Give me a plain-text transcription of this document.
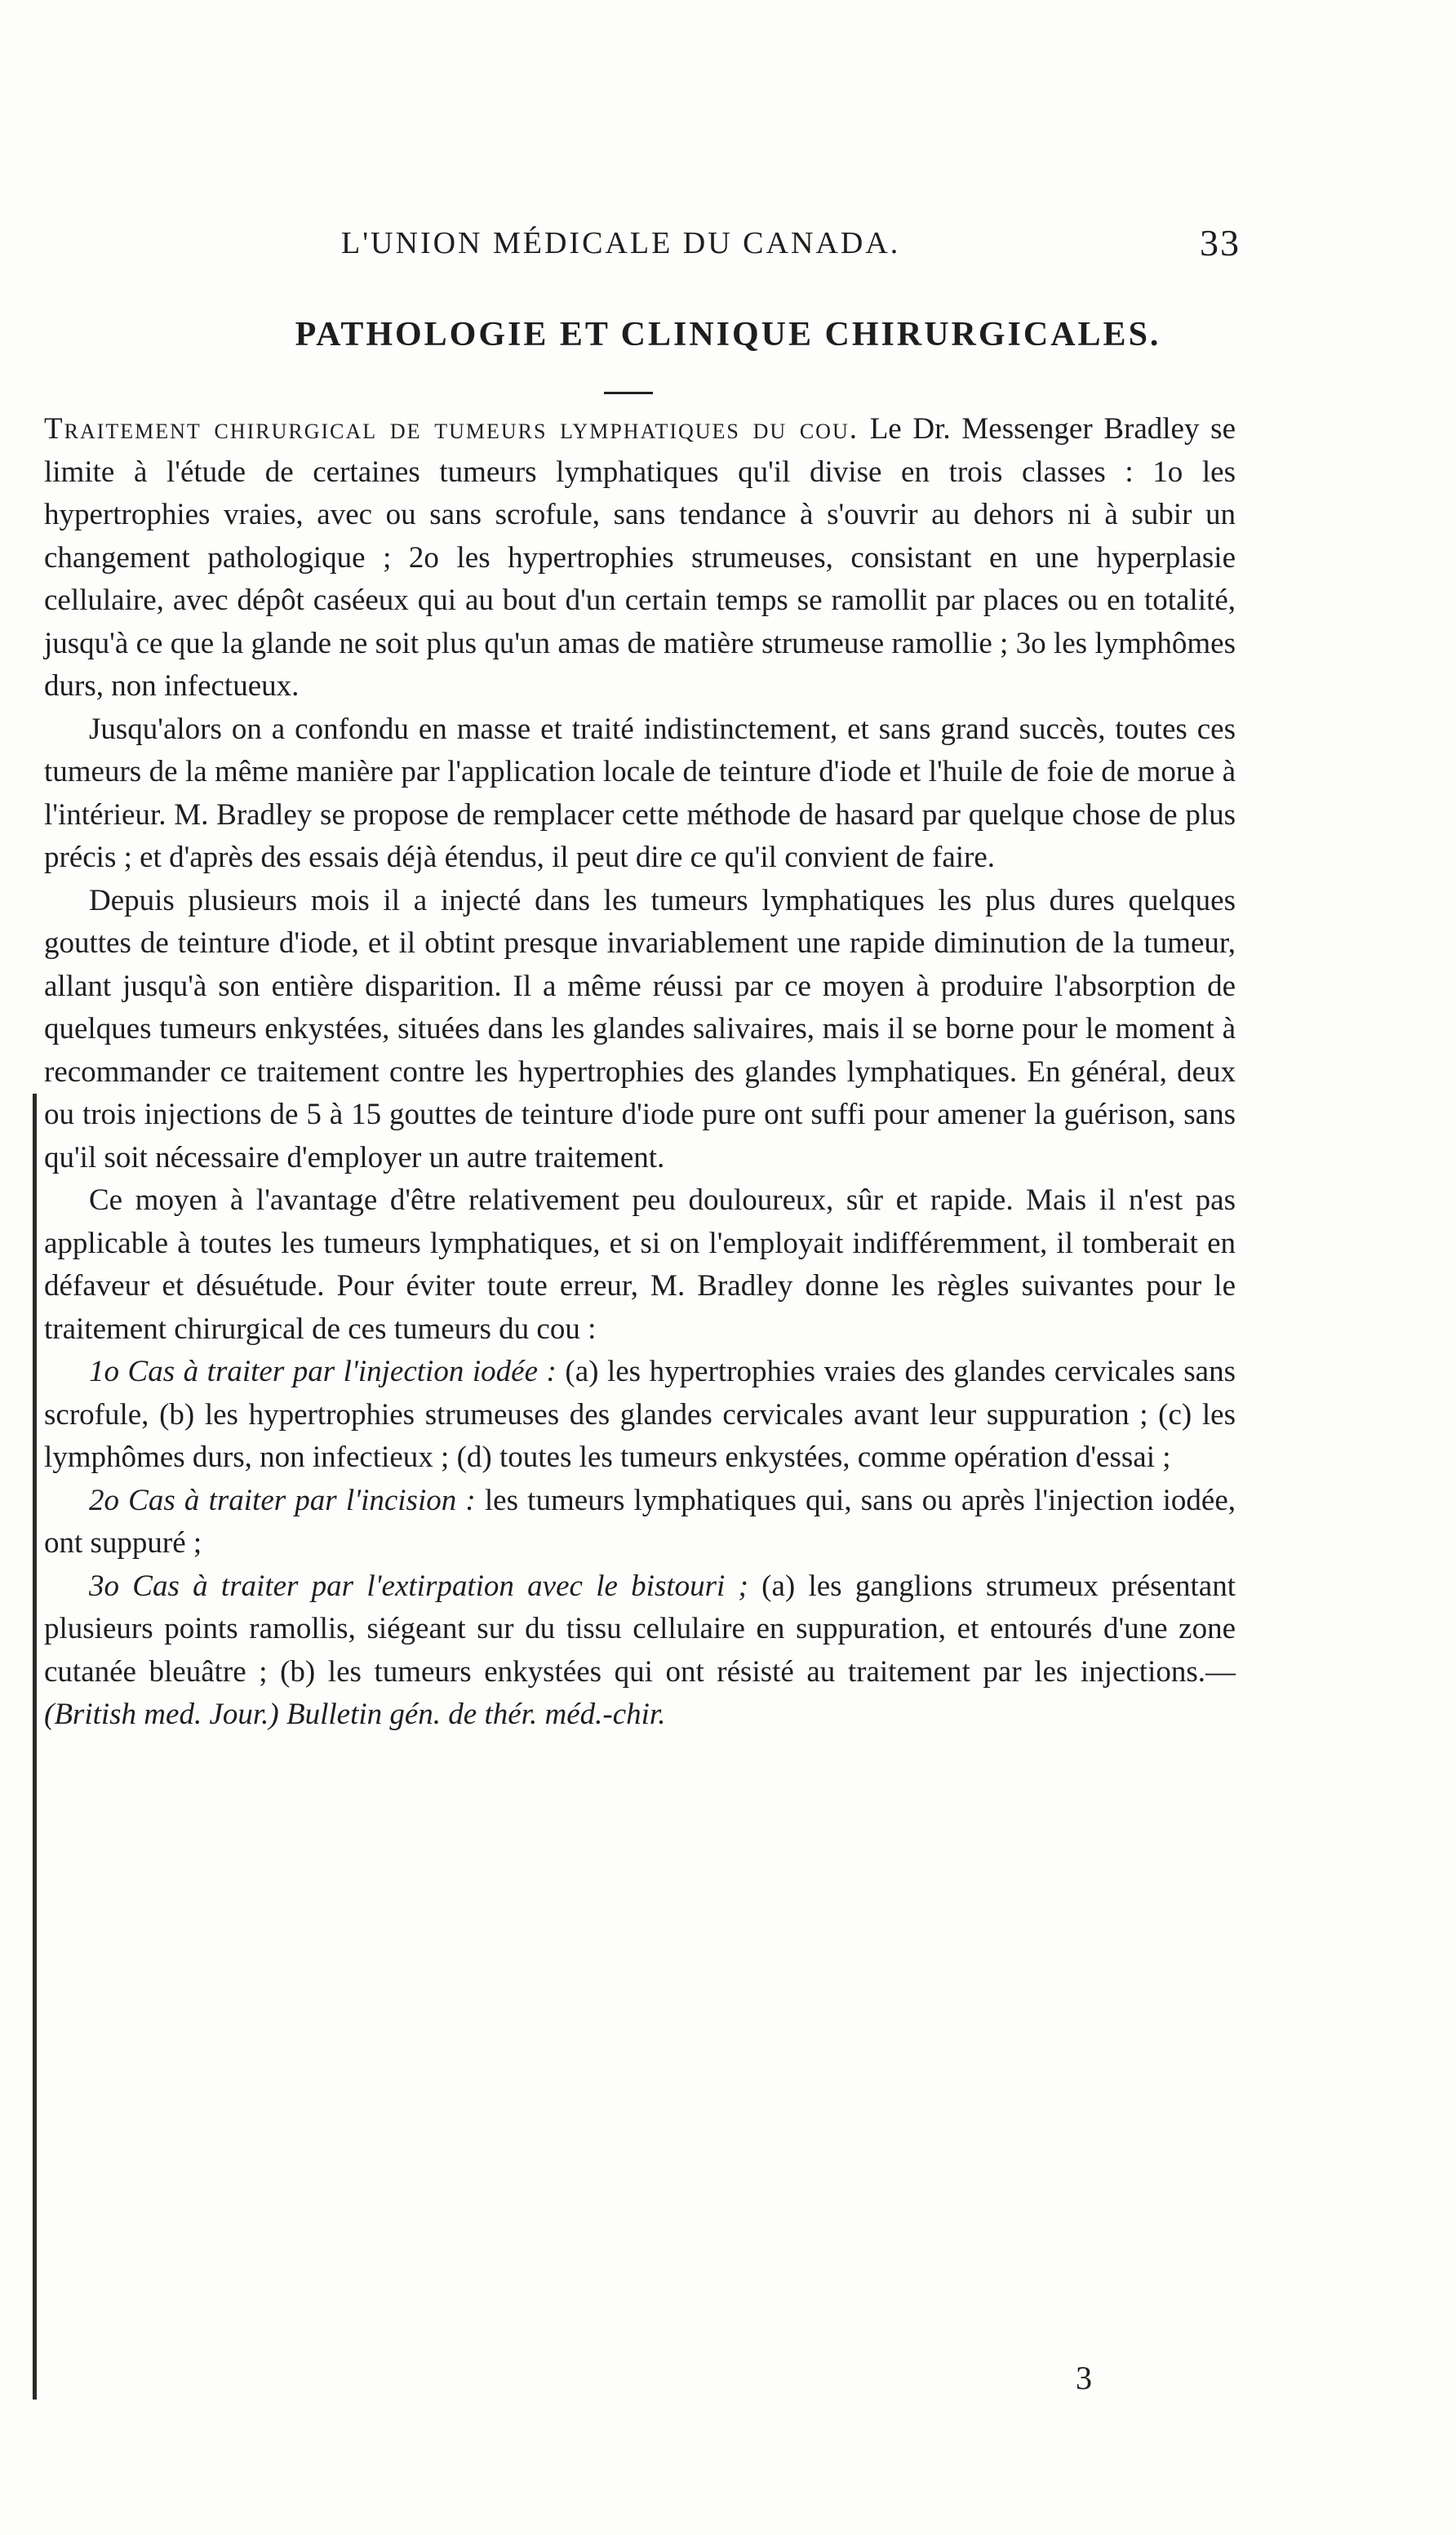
L'UNION MÉDICALE DU CANADA.	33
PATHOLOGIE ET CLINIQUE CHIRURGICALES.

Traitement chirurgical de tumeurs lymphatiques du cou. Le Dr. Messenger Bradley se limite à l'étude de certaines tumeurs lymphatiques qu'il divise en trois classes : 1o les hypertrophies vraies, avec ou sans scrofule, sans tendance à s'ouvrir au dehors ni à subir un changement pathologique ; 2o les hypertrophies strumeuses, consistant en une hyperplasie cellulaire, avec dépôt caséeux qui au bout d'un certain temps se ramollit par places ou en totalité, jusqu'à ce que la glande ne soit plus qu'un amas de matière strumeuse ramollie ; 3o les lymphômes durs, non infectueux.

Jusqu'alors on a confondu en masse et traité indistinctement, et sans grand succès, toutes ces tumeurs de la même manière par l'application locale de teinture d'iode et l'huile de foie de morue à l'intérieur. M. Bradley se propose de remplacer cette méthode de hasard par quelque chose de plus précis ; et d'après des essais déjà étendus, il peut dire ce qu'il convient de faire.

Depuis plusieurs mois il a injecté dans les tumeurs lymphatiques les plus dures quelques gouttes de teinture d'iode, et il obtint presque invariablement une rapide diminution de la tumeur, allant jusqu'à son entière disparition. Il a même réussi par ce moyen à produire l'absorption de quelques tumeurs enkystées, situées dans les glandes salivaires, mais il se borne pour le moment à recommander ce traitement contre les hypertrophies des glandes lymphatiques. En général, deux ou trois injections de 5 à 15 gouttes de teinture d'iode pure ont suffi pour amener la guérison, sans qu'il soit nécessaire d'employer un autre traitement.

Ce moyen à l'avantage d'être relativement peu douloureux, sûr et rapide. Mais il n'est pas applicable à toutes les tumeurs lymphatiques, et si on l'employait indifféremment, il tomberait en défaveur et désuétude. Pour éviter toute erreur, M. Bradley donne les règles suivantes pour le traitement chirurgical de ces tumeurs du cou :

1o Cas à traiter par l'injection iodée : (a) les hypertrophies vraies des glandes cervicales sans scrofule, (b) les hypertrophies strumeuses des glandes cervicales avant leur suppuration ; (c) les lymphômes durs, non infectieux ; (d) toutes les tumeurs enkystées, comme opération d'essai ;

2o Cas à traiter par l'incision : les tumeurs lymphatiques qui, sans ou après l'injection iodée, ont suppuré ;

3o Cas à traiter par l'extirpation avec le bistouri ; (a) les ganglions strumeux présentant plusieurs points ramollis, siégeant sur du tissu cellulaire en suppuration, et entourés d'une zone cutanée bleuâtre ; (b) les tumeurs enkystées qui ont résisté au traitement par les injections.—(British med. Jour.) Bulletin gén. de thér. méd.-chir.

3
